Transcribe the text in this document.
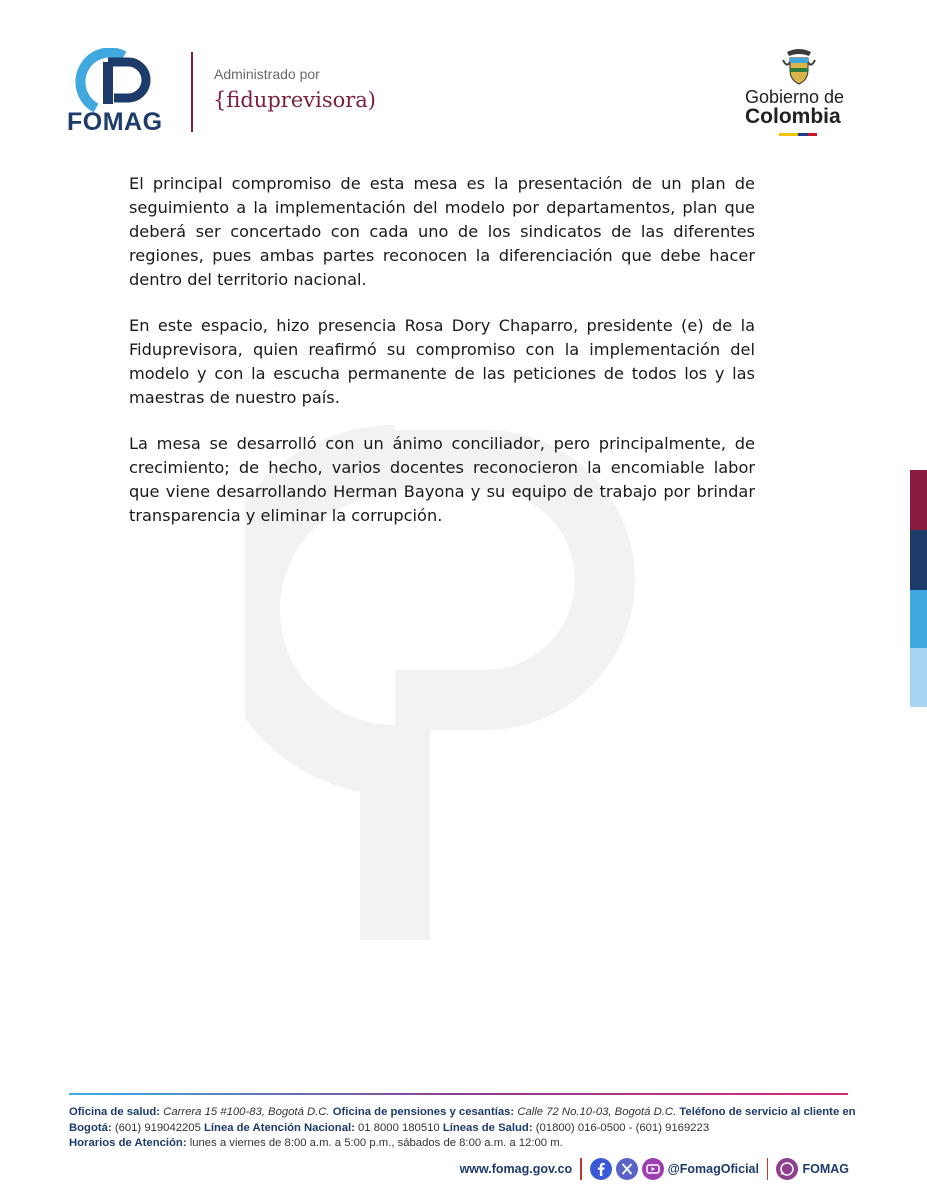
FOMAG
Administrado por
{fiduprevisora)	Gobierno de
Colombia

El principal compromiso de esta mesa es la presentación de un plan de seguimiento a la implementación del modelo por departamentos, plan que deberá ser concertado con cada uno de los sindicatos de las diferentes regiones, pues ambas partes reconocen la diferenciación que debe hacer dentro del territorio nacional.

En este espacio, hizo presencia Rosa Dory Chaparro, presidente (e) de la Fiduprevisora, quien reafirmó su compromiso con la implementación del modelo y con la escucha permanente de las peticiones de todos los y las maestras de nuestro país.

La mesa se desarrolló con un ánimo conciliador, pero principalmente, de crecimiento; de hecho, varios docentes reconocieron la encomiable labor que viene desarrollando Herman Bayona y su equipo de trabajo por brindar transparencia y eliminar la corrupción.

Oficina de salud: Carrera 15 #100-83, Bogotá D.C. Oficina de pensiones y cesantías: Calle 72 No.10-03, Bogotá D.C. Teléfono de servicio al cliente en Bogotá: (601) 919042205 Línea de Atención Nacional: 01 8000 180510 Líneas de Salud: (01800) 016-0500 - (601) 9169223
Horarios de Atención: lunes a viernes de 8:00 a.m. a 5:00 p.m., sábados de 8:00 a.m. a 12:00 m.
www.fomag.gov.co	@FomagOficial	FOMAG
